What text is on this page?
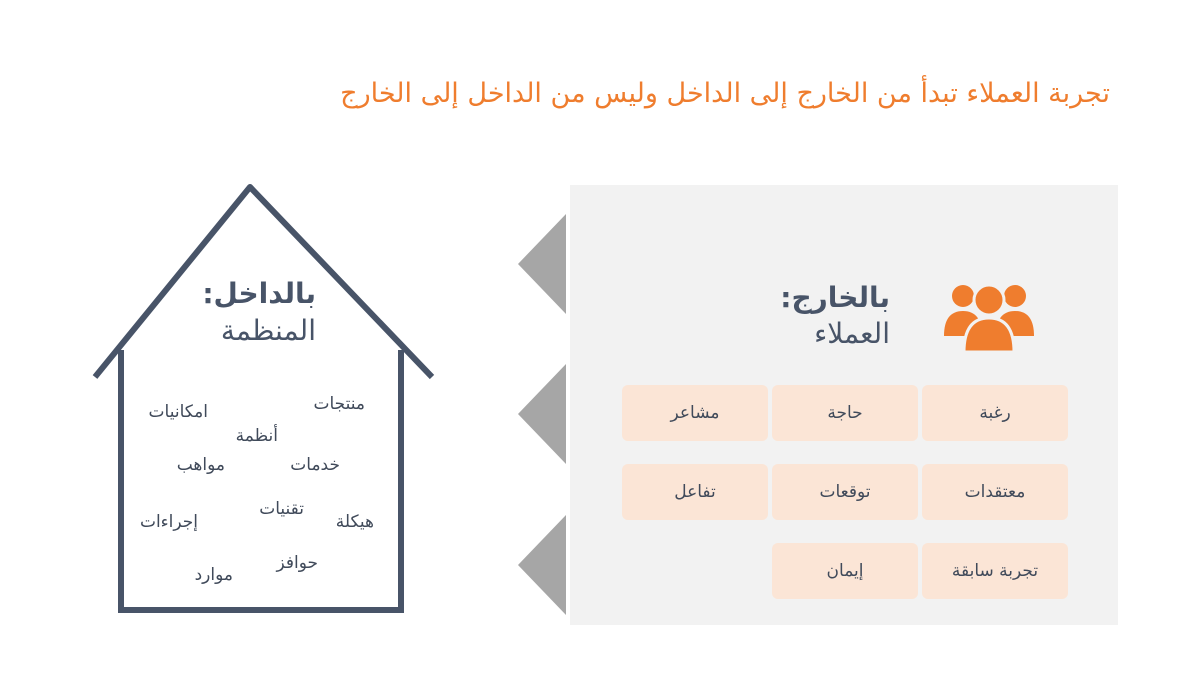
تجربة العملاء تبدأ من الخارج إلى الداخل وليس من الداخل إلى الخارج
بالداخل:
المنظمة
منتجات
امكانيات
أنظمة
خدمات
مواهب
هيكلة
تقنيات
إجراءات
حوافز
موارد
بالخارج:
العملاء
رغبة
حاجة
مشاعر
معتقدات
توقعات
تفاعل
تجربة سابقة
إيمان
